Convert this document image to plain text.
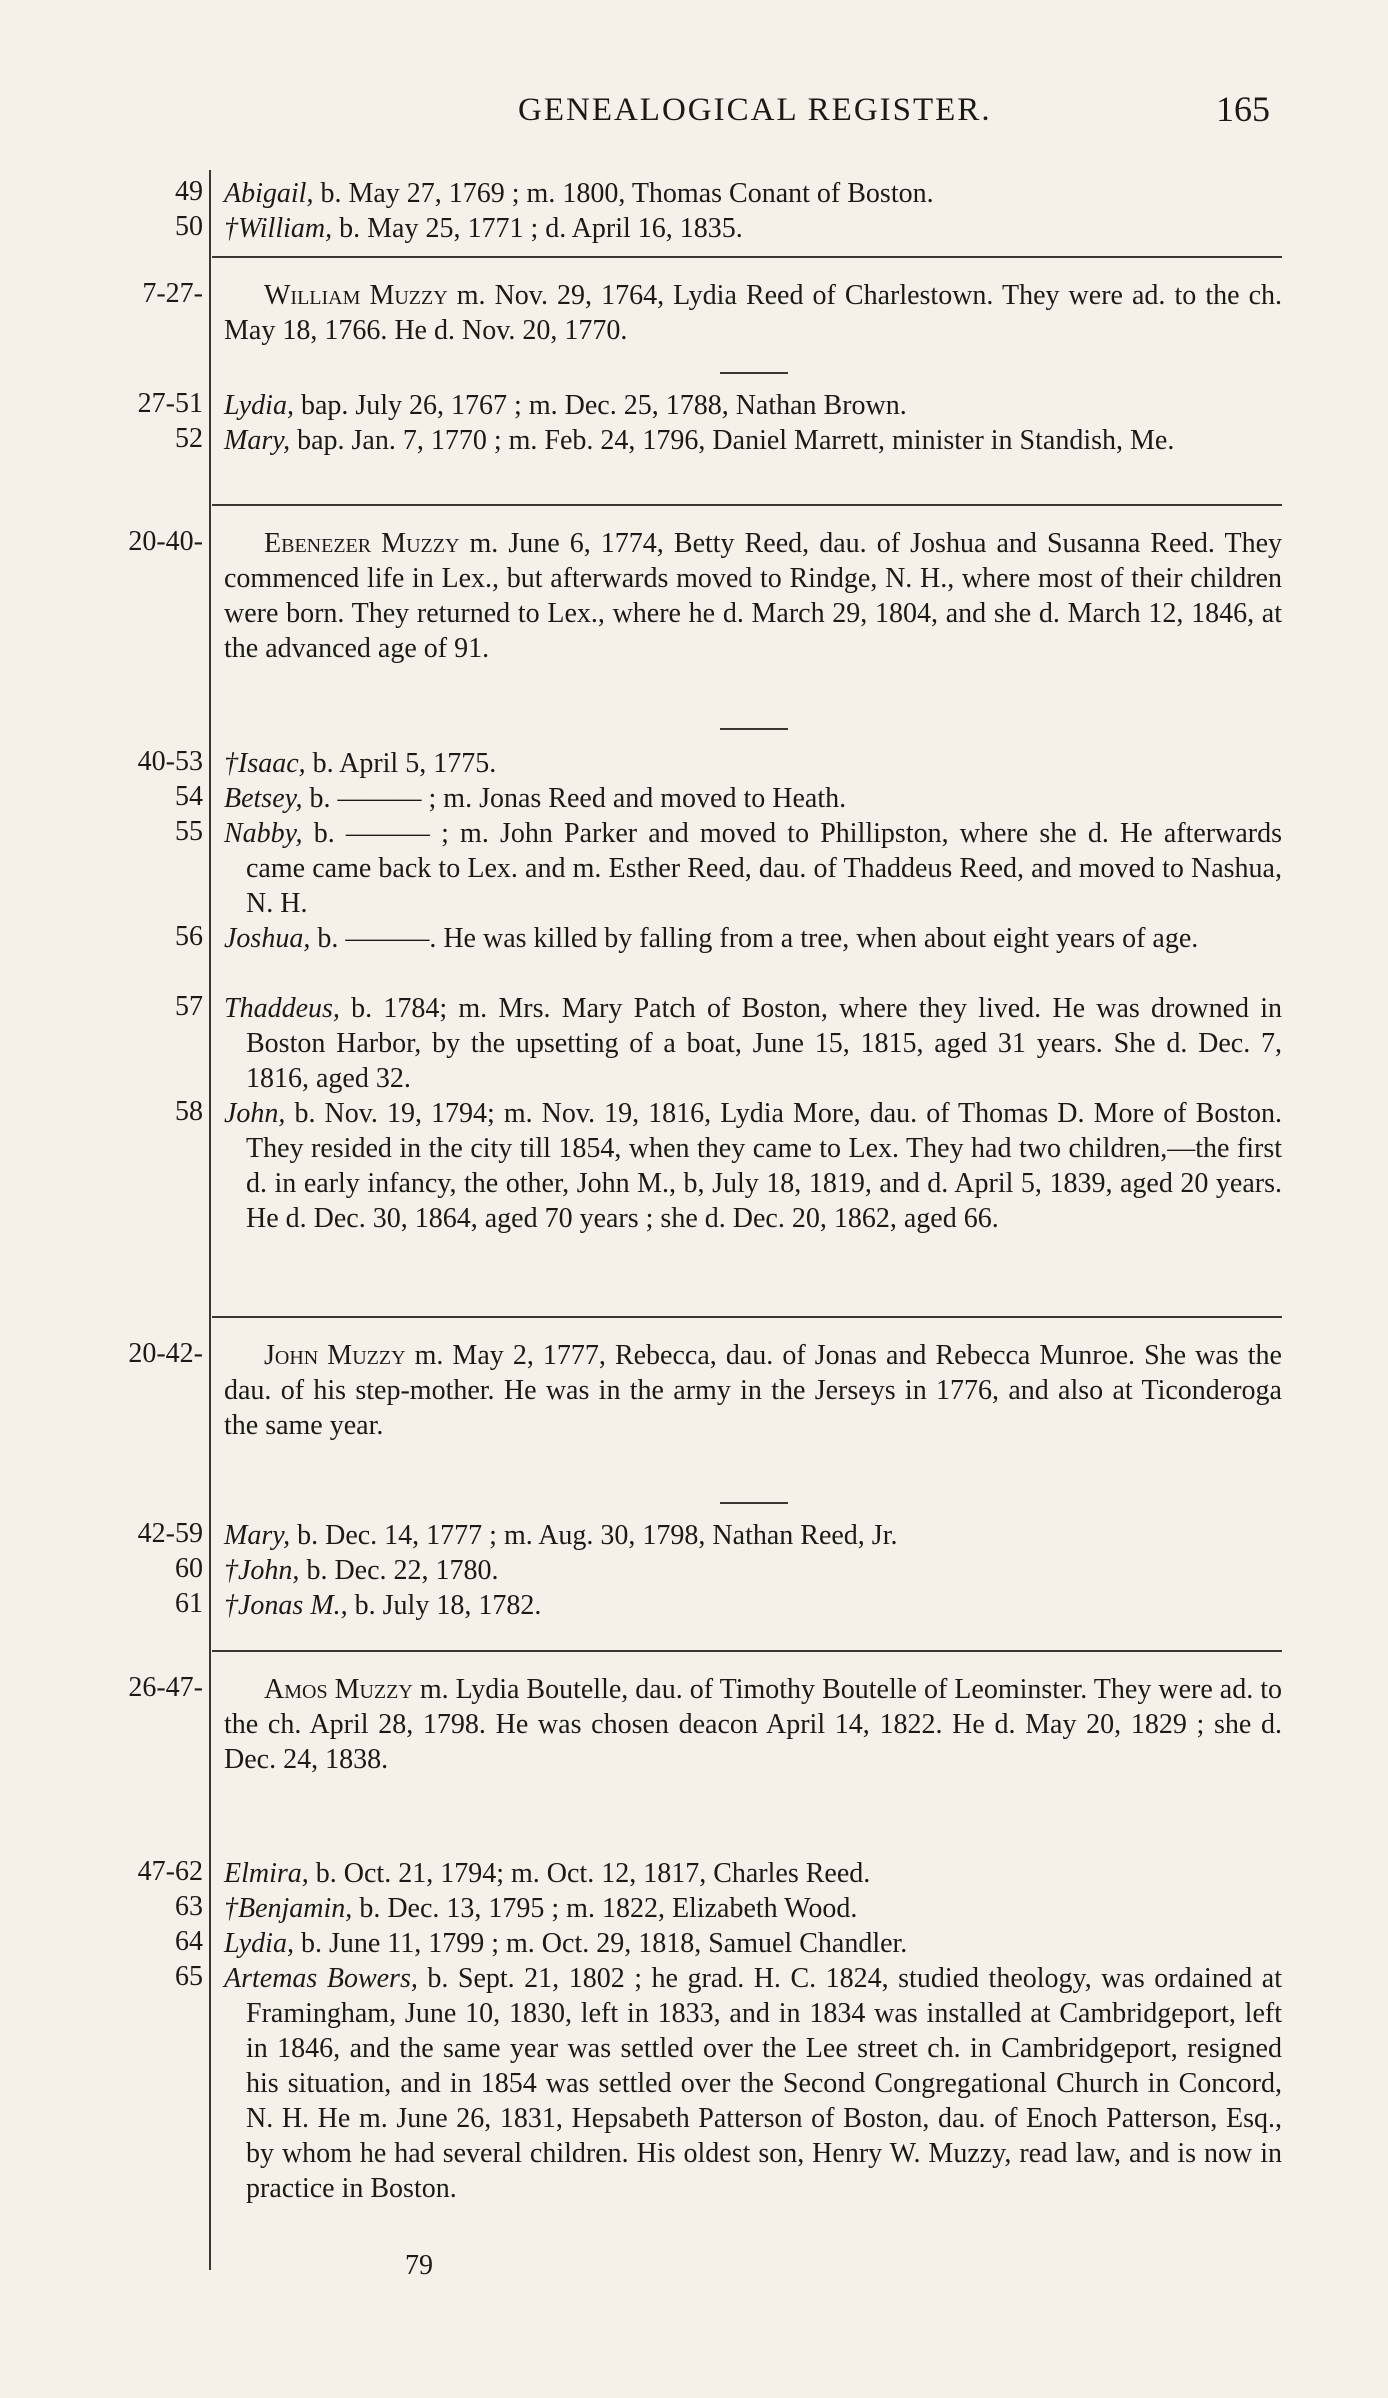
GENEALOGICAL REGISTER.	165
49 Abigail, b. May 27, 1769 ; m. 1800, Thomas Conant of Boston.
50 †William, b. May 25, 1771 ; d. April 16, 1835.
7-27-	William Muzzy m. Nov. 29, 1764, Lydia Reed of Charlestown. They were ad. to the ch. May 18, 1766. He d. Nov. 20, 1770.
27-51 Lydia, bap. July 26, 1767 ; m. Dec. 25, 1788, Nathan Brown.
52 Mary, bap. Jan. 7, 1770 ; m. Feb. 24, 1796, Daniel Marrett, minister in Standish, Me.
20-40-	Ebenezer Muzzy m. June 6, 1774, Betty Reed, dau. of Joshua and Susanna Reed. They commenced life in Lex., but afterwards moved to Rindge, N. H., where most of their children were born. They returned to Lex., where he d. March 29, 1804, and she d. March 12, 1846, at the advanced age of 91.
40-53 †Isaac, b. April 5, 1775.
54 Betsey, b. ——— ; m. Jonas Reed and moved to Heath.
55 Nabby, b. ——— ; m. John Parker and moved to Phillipston, where she d. He afterwards came came back to Lex. and m. Esther Reed, dau. of Thaddeus Reed, and moved to Nashua, N. H.
56 Joshua, b. ———. He was killed by falling from a tree, when about eight years of age.
57 Thaddeus, b. 1784; m. Mrs. Mary Patch of Boston, where they lived. He was drowned in Boston Harbor, by the upsetting of a boat, June 15, 1815, aged 31 years. She d. Dec. 7, 1816, aged 32.
58 John, b. Nov. 19, 1794; m. Nov. 19, 1816, Lydia More, dau. of Thomas D. More of Boston. They resided in the city till 1854, when they came to Lex. They had two children,—the first d. in early infancy, the other, John M., b, July 18, 1819, and d. April 5, 1839, aged 20 years. He d. Dec. 30, 1864, aged 70 years ; she d. Dec. 20, 1862, aged 66.
20-42-	John Muzzy m. May 2, 1777, Rebecca, dau. of Jonas and Rebecca Munroe. She was the dau. of his step-mother. He was in the army in the Jerseys in 1776, and also at Ticonderoga the same year.
42-59 Mary, b. Dec. 14, 1777 ; m. Aug. 30, 1798, Nathan Reed, Jr.
60 †John, b. Dec. 22, 1780.
61 †Jonas M., b. July 18, 1782.
26-47-	Amos Muzzy m. Lydia Boutelle, dau. of Timothy Boutelle of Leominster. They were ad. to the ch. April 28, 1798. He was chosen deacon April 14, 1822. He d. May 20, 1829 ; she d. Dec. 24, 1838.
47-62 Elmira, b. Oct. 21, 1794; m. Oct. 12, 1817, Charles Reed.
63 †Benjamin, b. Dec. 13, 1795 ; m. 1822, Elizabeth Wood.
64 Lydia, b. June 11, 1799 ; m. Oct. 29, 1818, Samuel Chandler.
65 Artemas Bowers, b. Sept. 21, 1802 ; he grad. H. C. 1824, studied theology, was ordained at Framingham, June 10, 1830, left in 1833, and in 1834 was installed at Cambridgeport, left in 1846, and the same year was settled over the Lee street ch. in Cambridgeport, resigned his situation, and in 1854 was settled over the Second Congregational Church in Concord, N. H. He m. June 26, 1831, Hepsabeth Patterson of Boston, dau. of Enoch Patterson, Esq., by whom he had several children. His oldest son, Henry W. Muzzy, read law, and is now in practice in Boston.
79
